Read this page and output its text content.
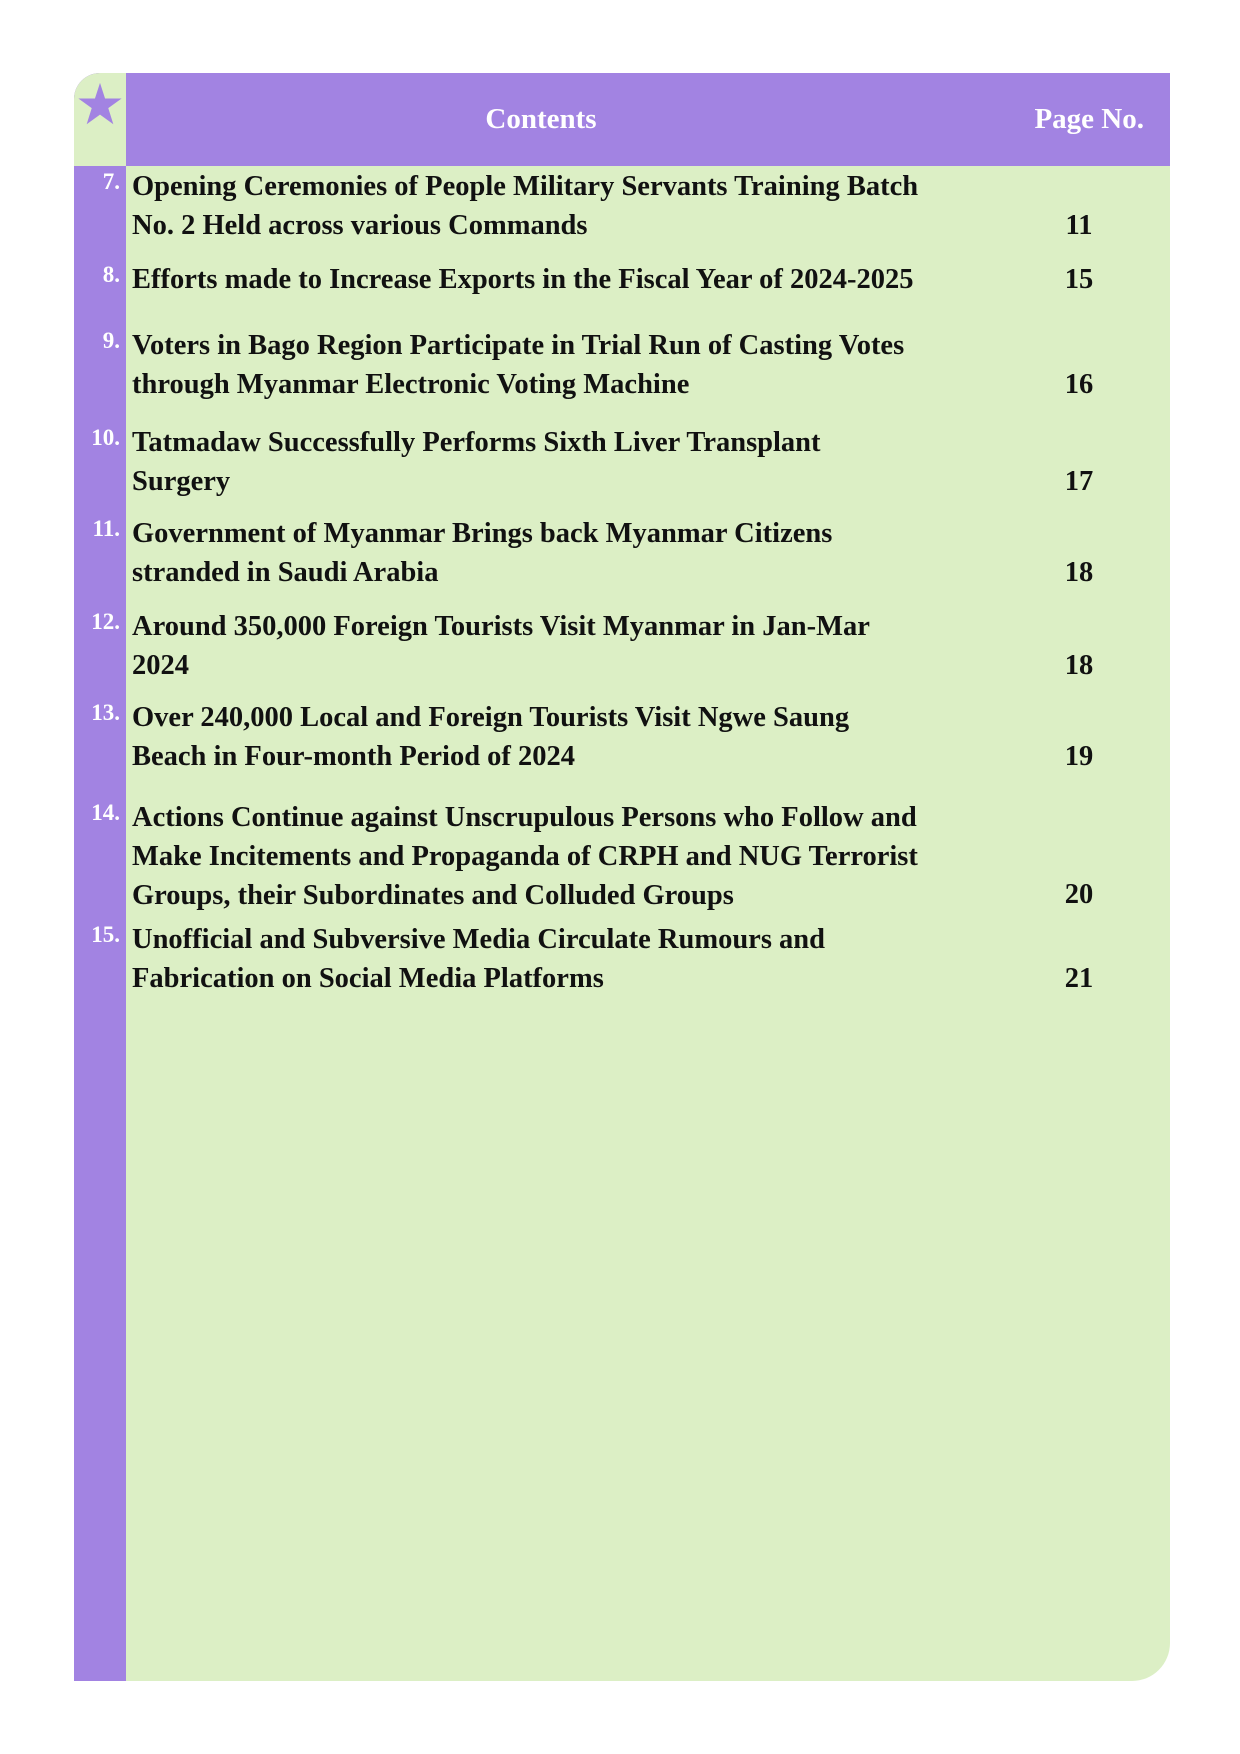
Contents	Page No.
7. Opening Ceremonies of People Military Servants Training Batch
No. 2 Held across various Commands	11
8. Efforts made to Increase Exports in the Fiscal Year of 2024-2025	15
9. Voters in Bago Region Participate in Trial Run of Casting Votes
through Myanmar Electronic Voting Machine	16
10. Tatmadaw Successfully Performs Sixth Liver Transplant
Surgery	17
11. Government of Myanmar Brings back Myanmar Citizens
stranded in Saudi Arabia	18
12. Around 350,000 Foreign Tourists Visit Myanmar in Jan-Mar
2024	18
13. Over 240,000 Local and Foreign Tourists Visit Ngwe Saung
Beach in Four-month Period of 2024	19
14. Actions Continue against Unscrupulous Persons who Follow and
Make Incitements and Propaganda of CRPH and NUG Terrorist
Groups, their Subordinates and Colluded Groups	20
15. Unofficial and Subversive Media Circulate Rumours and
Fabrication on Social Media Platforms	21
